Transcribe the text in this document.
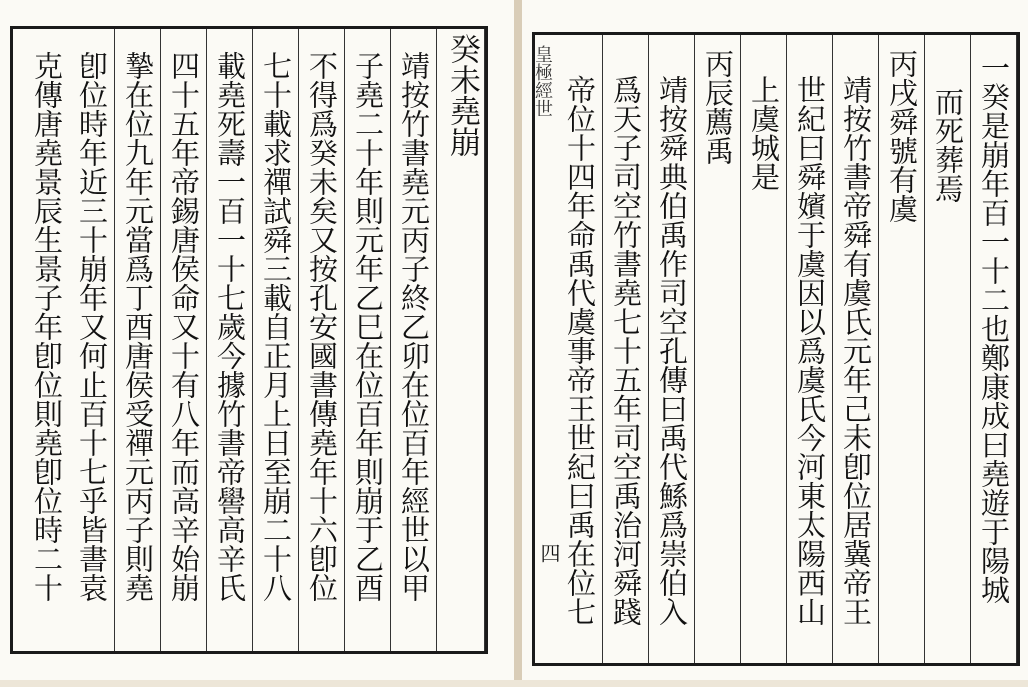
癸未堯崩
靖按竹書堯元丙子終乙卯在位百年經世以甲
子堯二十年則元年乙巳在位百年則崩于乙酉
不得爲癸未矣又按孔安國書傳堯年十六卽位
七十載求禪試舜三載自正月上日至崩二十八
載堯死壽一百一十七歲今據竹書帝嚳高辛氏
四十五年帝錫唐侯命又十有八年而高辛始崩
摯在位九年元當爲丁酉唐侯受禪元丙子則堯
卽位時年近三十崩年又何止百十七乎皆書袁
克傳唐堯景辰生景子年卽位則堯卽位時二十	一癸是崩年百一十二也鄭康成曰堯遊于陽城
而死葬焉
丙戌舜號有虞
靖按竹書帝舜有虞氏元年己未卽位居冀帝王
世紀曰舜嬪于虞因以爲虞氏今河東太陽西山
上虞城是
丙辰薦禹
靖按舜典伯禹作司空孔傳曰禹代鯀爲崇伯入
爲天子司空竹書堯七十五年司空禹治河舜踐
帝位十四年命禹代虞事帝王世紀曰禹在位七
皇極經世
四
